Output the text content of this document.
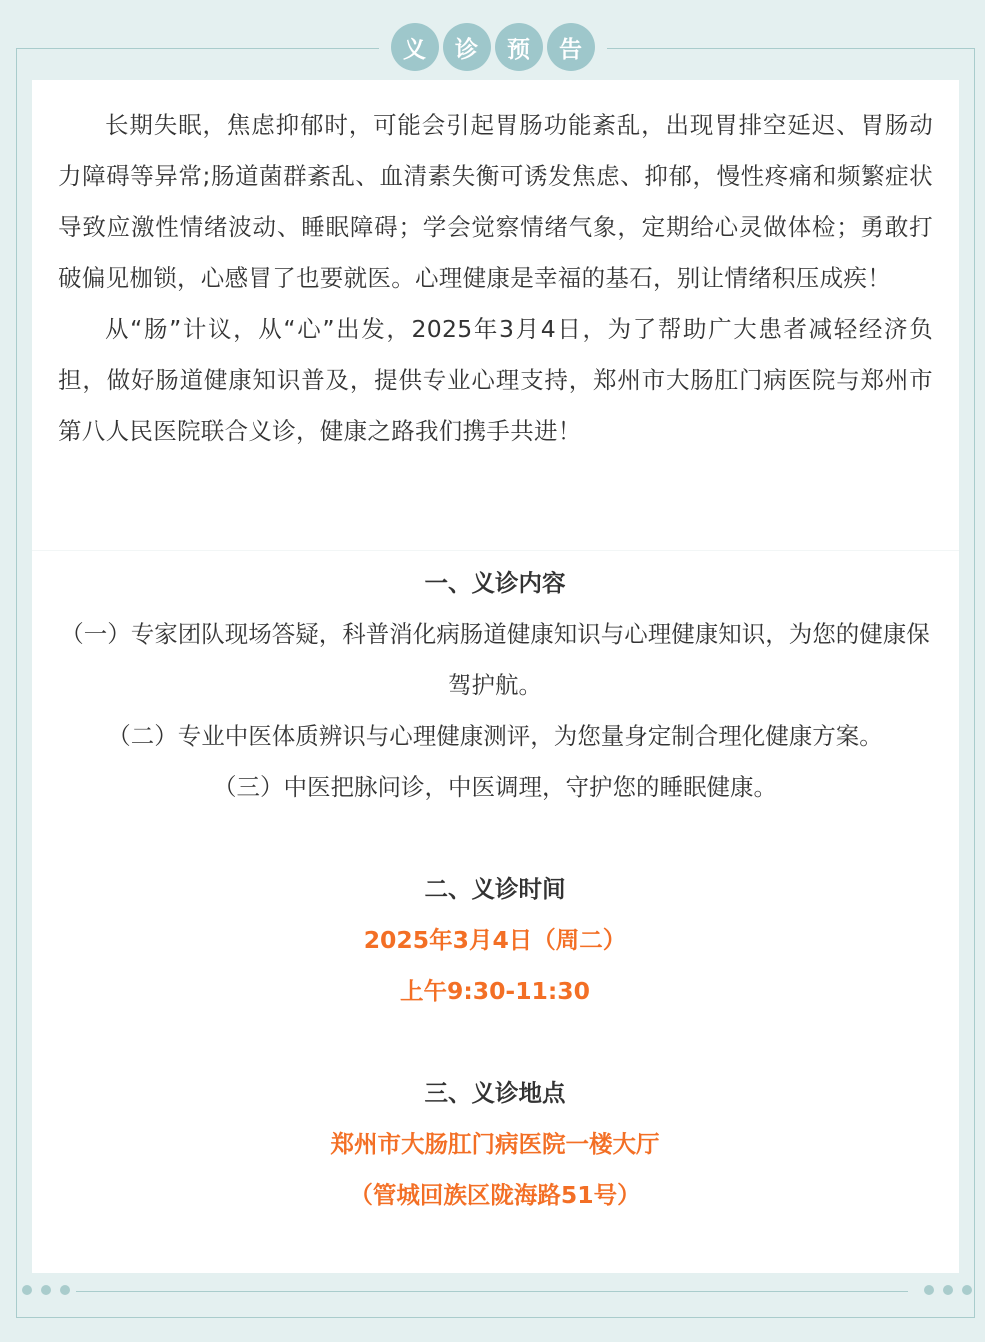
义	诊	预	告

长期失眠，焦虑抑郁时，可能会引起胃肠功能紊乱，出现胃排空延迟、胃肠动力障碍等异常;肠道菌群紊乱、血清素失衡可诱发焦虑、抑郁，慢性疼痛和频繁症状导致应激性情绪波动、睡眠障碍；学会觉察情绪气象，定期给心灵做体检；勇敢打破偏见枷锁，心感冒了也要就医。心理健康是幸福的基石，别让情绪积压成疾！

从“肠”计议，从“心”出发，2025年3月4日，为了帮助广大患者减轻经济负担，做好肠道健康知识普及，提供专业心理支持，郑州市大肠肛门病医院与郑州市第八人民医院联合义诊，健康之路我们携手共进！

一、义诊内容
（一）专家团队现场答疑，科普消化病肠道健康知识与心理健康知识，为您的健康保驾护航。
（二）专业中医体质辨识与心理健康测评，为您量身定制合理化健康方案。
（三）中医把脉问诊，中医调理，守护您的睡眠健康。
二、义诊时间
2025年3月4日（周二）
上午9:30-11:30
三、义诊地点
郑州市大肠肛门病医院一楼大厅
（管城回族区陇海路51号）
